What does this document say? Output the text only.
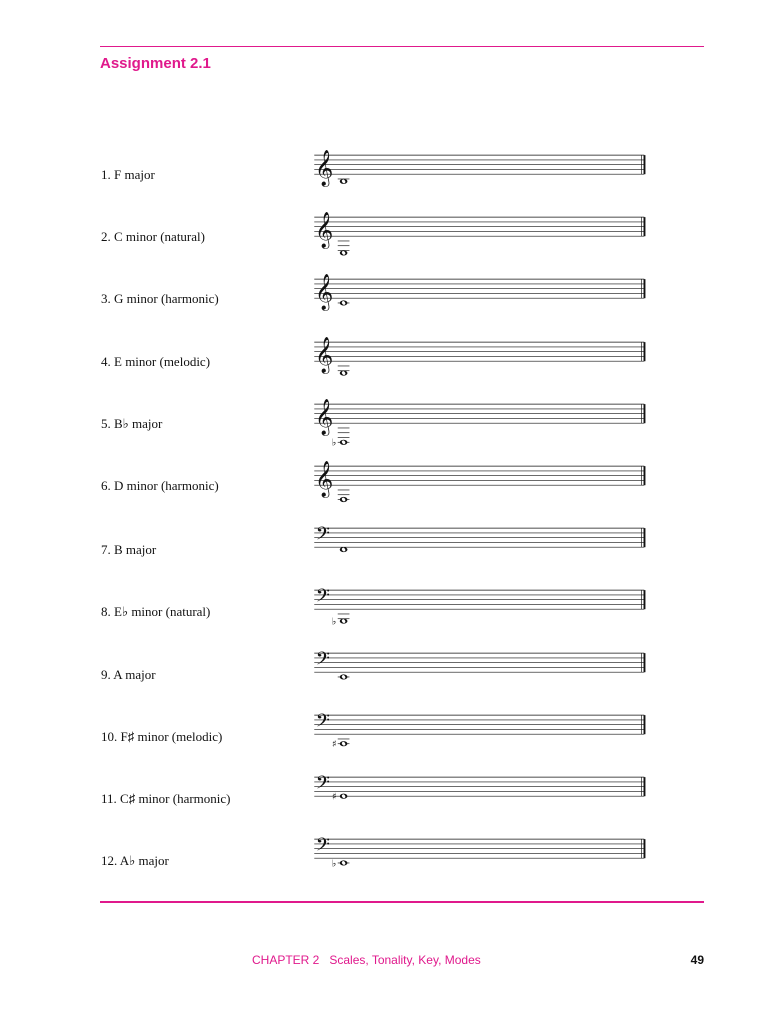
Assignment 2.1
1. F major	𝄞
2. C minor (natural)	𝄞
3. G minor (harmonic) 𝄞
4. E minor (melodic) 𝄞
5. B♭ major	𝄞
♭
6. D minor (harmonic) 𝄞
7. B major
𝄢
8. E♭ minor (natural)
𝄢
♭
9. A major
𝄢
10. F♯ minor (melodic)
𝄢
♯
11. C♯ minor (harmonic)
𝄢 ♯
12. A♭ major
𝄢
♭
CHAPTER 2 Scales, Tonality, Key, Modes	49
